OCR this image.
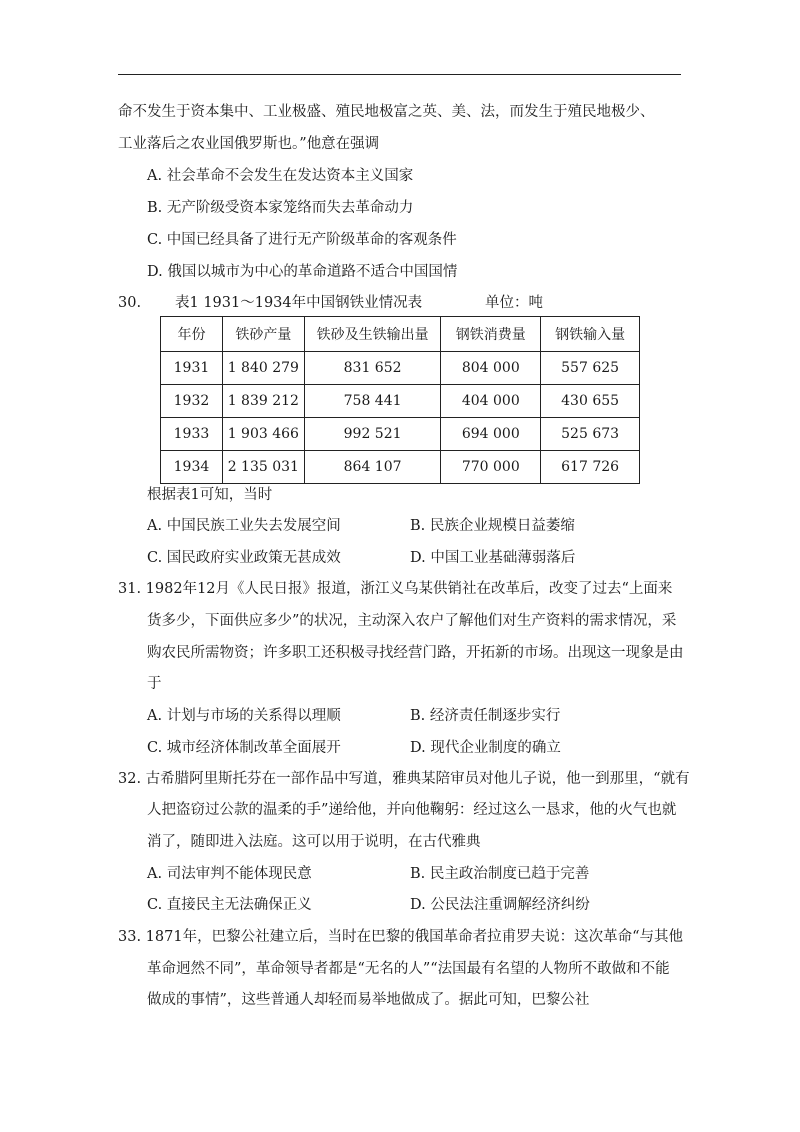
命不发生于资本集中、工业极盛、殖民地极富之英、美、法，而发生于殖民地极少、
工业落后之农业国俄罗斯也。”他意在强调
A. 社会革命不会发生在发达资本主义国家
B. 无产阶级受资本家笼络而失去革命动力
C. 中国已经具备了进行无产阶级革命的客观条件
D. 俄国以城市为中心的革命道路不适合中国国情
30. 表1 1931～1934年中国钢铁业情况表	单位：吨
年份	铁砂产量	铁砂及生铁输出量	钢铁消费量	钢铁输入量
1931	1 840 279	831 652	804 000	557 625
1932	1 839 212	758 441	404 000	430 655
1933	1 903 466	992 521	694 000	525 673
1934	2 135 031	864 107	770 000	617 726
根据表1可知，当时
A. 中国民族工业失去发展空间	B. 民族企业规模日益萎缩
C. 国民政府实业政策无甚成效	D. 中国工业基础薄弱落后
31. 1982年12月《人民日报》报道，浙江义乌某供销社在改革后，改变了过去“上面来
货多少，下面供应多少”的状况，主动深入农户了解他们对生产资料的需求情况，采
购农民所需物资；许多职工还积极寻找经营门路，开拓新的市场。出现这一现象是由
于
A. 计划与市场的关系得以理顺	B. 经济责任制逐步实行
C. 城市经济体制改革全面展开	D. 现代企业制度的确立
32. 古希腊阿里斯托芬在一部作品中写道，雅典某陪审员对他儿子说，他一到那里，“就有
人把盗窃过公款的温柔的手”递给他，并向他鞠躬：经过这么一恳求，他的火气也就
消了，随即进入法庭。这可以用于说明，在古代雅典
A. 司法审判不能体现民意	B. 民主政治制度已趋于完善
C. 直接民主无法确保正义	D. 公民法注重调解经济纠纷
33. 1871年，巴黎公社建立后，当时在巴黎的俄国革命者拉甫罗夫说：这次革命“与其他
革命迥然不同”，革命领导者都是“无名的人”“法国最有名望的人物所不敢做和不能
做成的事情”，这些普通人却轻而易举地做成了。据此可知，巴黎公社
